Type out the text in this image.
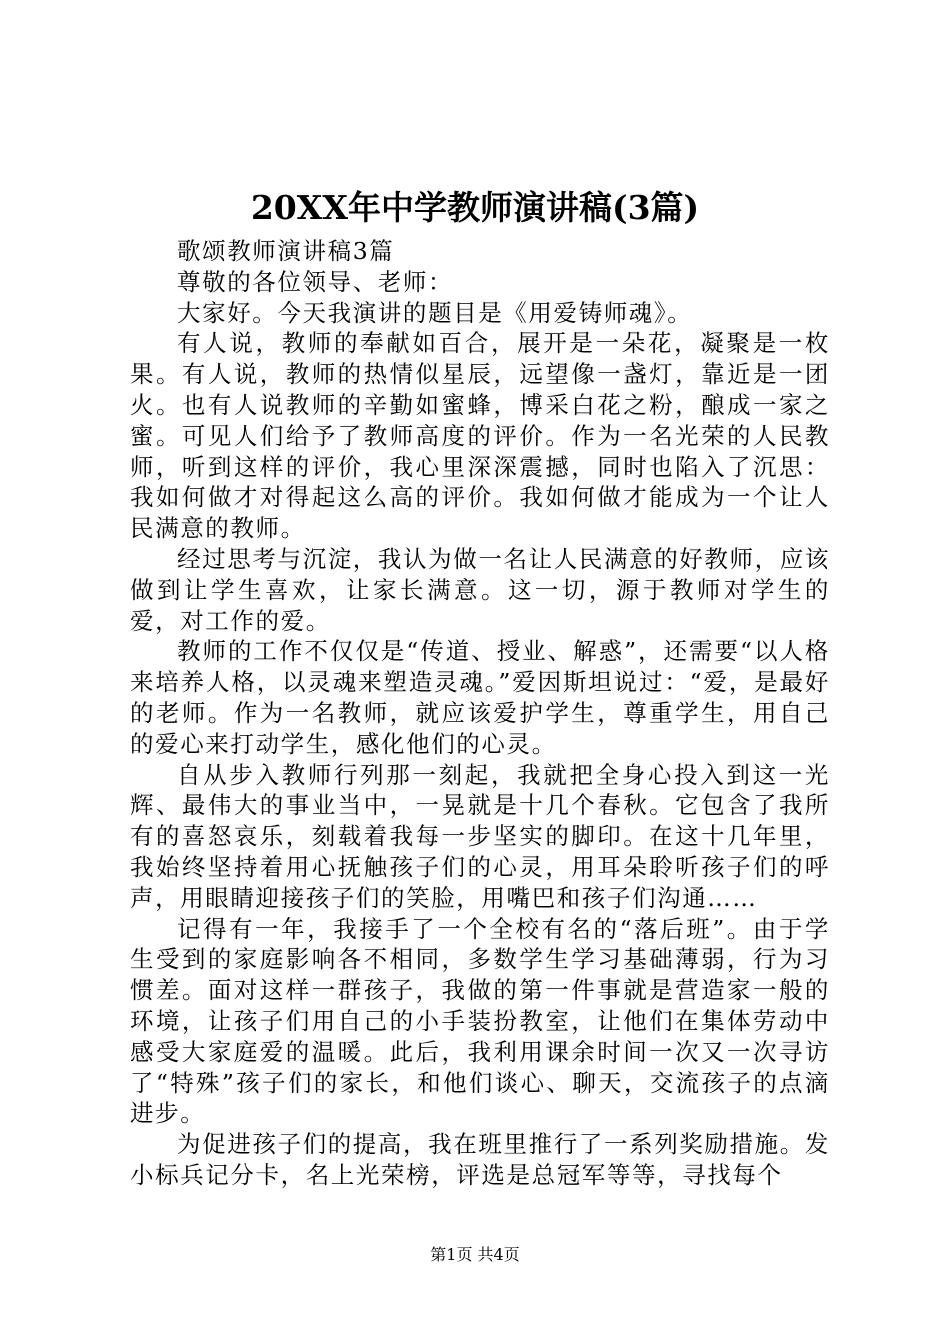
20XX年中学教师演讲稿(3篇)

歌颂教师演讲稿3篇

尊敬的各位领导、老师：

大家好。今天我演讲的题目是《用爱铸师魂》。

有人说，教师的奉献如百合，展开是一朵花，凝聚是一枚果。有人说，教师的热情似星辰，远望像一盏灯，靠近是一团火。也有人说教师的辛勤如蜜蜂，博采白花之粉，酿成一家之蜜。可见人们给予了教师高度的评价。作为一名光荣的人民教师，听到这样的评价，我心里深深震撼，同时也陷入了沉思：我如何做才对得起这么高的评价。我如何做才能成为一个让人民满意的教师。

经过思考与沉淀，我认为做一名让人民满意的好教师，应该做到让学生喜欢，让家长满意。这一切，源于教师对学生的爱，对工作的爱。

教师的工作不仅仅是“传道、授业、解惑”，还需要“以人格来培养人格，以灵魂来塑造灵魂。”爱因斯坦说过：“爱，是最好的老师。作为一名教师，就应该爱护学生，尊重学生，用自己的爱心来打动学生，感化他们的心灵。

自从步入教师行列那一刻起，我就把全身心投入到这一光辉、最伟大的事业当中，一晃就是十几个春秋。它包含了我所有的喜怒哀乐，刻载着我每一步坚实的脚印。在这十几年里，我始终坚持着用心抚触孩子们的心灵，用耳朵聆听孩子们的呼声，用眼睛迎接孩子们的笑脸，用嘴巴和孩子们沟通……

记得有一年，我接手了一个全校有名的“落后班”。由于学生受到的家庭影响各不相同，多数学生学习基础薄弱，行为习惯差。面对这样一群孩子，我做的第一件事就是营造家一般的环境，让孩子们用自己的小手装扮教室，让他们在集体劳动中感受大家庭爱的温暖。此后，我利用课余时间一次又一次寻访了“特殊”孩子们的家长，和他们谈心、聊天，交流孩子的点滴进步。

为促进孩子们的提高，我在班里推行了一系列奖励措施。发小标兵记分卡，名上光荣榜，评选是总冠军等等，寻找每个

第1页 共4页
